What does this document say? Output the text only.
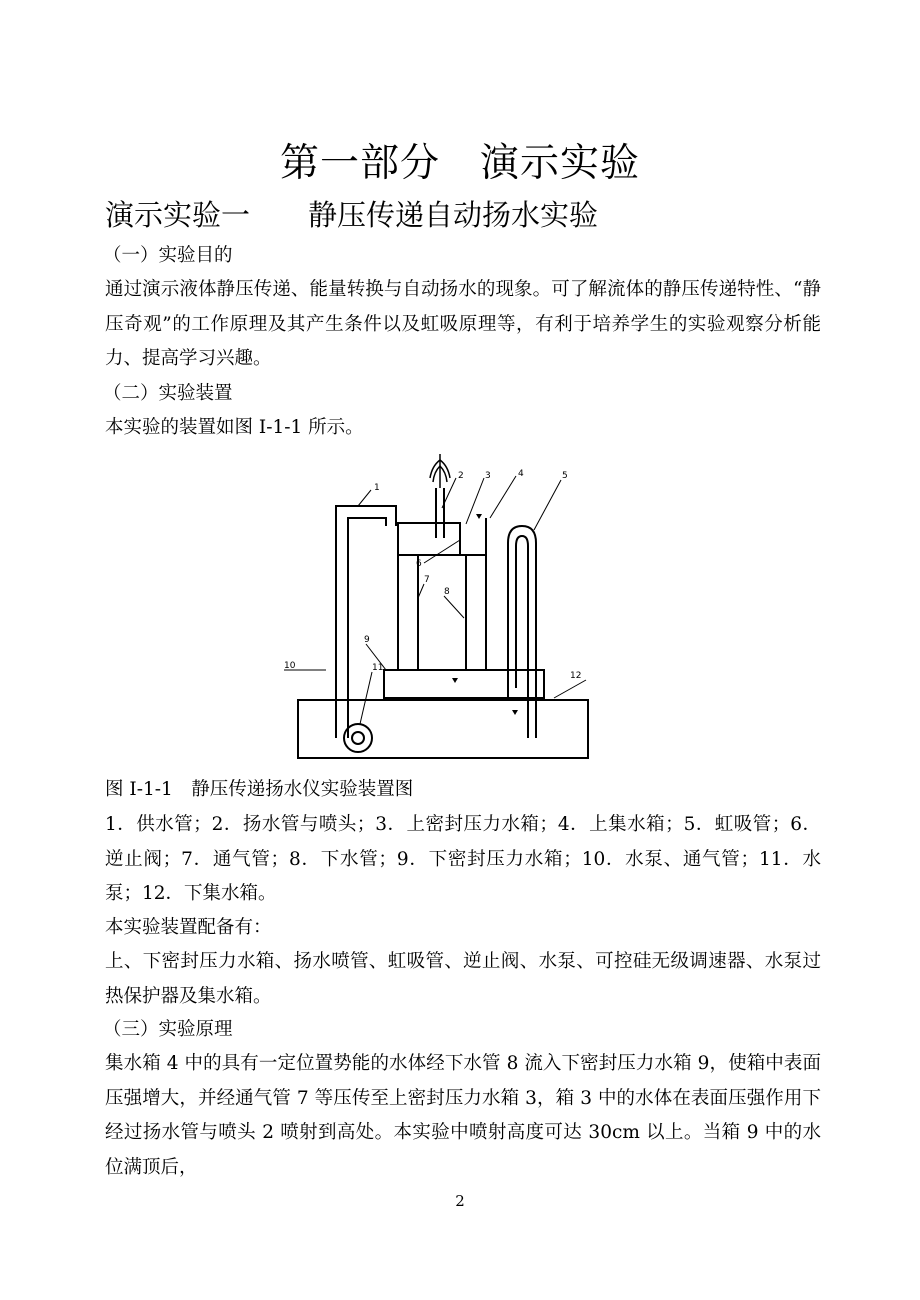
第一部分　演示实验
演示实验一　　静压传递自动扬水实验
（一）实验目的
通过演示液体静压传递、能量转换与自动扬水的现象。可了解流体的静压传递特性、“静压奇观”的工作原理及其产生条件以及虹吸原理等，有利于培养学生的实验观察分析能力、提高学习兴趣。
（二）实验装置
本实验的装置如图 I-1-1 所示。
1
2 3	4	5
6
7
8
9
10	11
12
图 I-1-1　静压传递扬水仪实验装置图
1．供水管；2．扬水管与喷头；3．上密封压力水箱；4．上集水箱；5．虹吸管；6．逆止阀；7．通气管；8．下水管；9．下密封压力水箱；10．水泵、通气管；11．水泵；12．下集水箱。
本实验装置配备有：
上、下密封压力水箱、扬水喷管、虹吸管、逆止阀、水泵、可控硅无级调速器、水泵过热保护器及集水箱。
（三）实验原理
集水箱 4 中的具有一定位置势能的水体经下水管 8 流入下密封压力水箱 9，使箱中表面压强增大，并经通气管 7 等压传至上密封压力水箱 3，箱 3 中的水体在表面压强作用下经过扬水管与喷头 2 喷射到高处。本实验中喷射高度可达 30cm 以上。当箱 9 中的水位满顶后，
2
